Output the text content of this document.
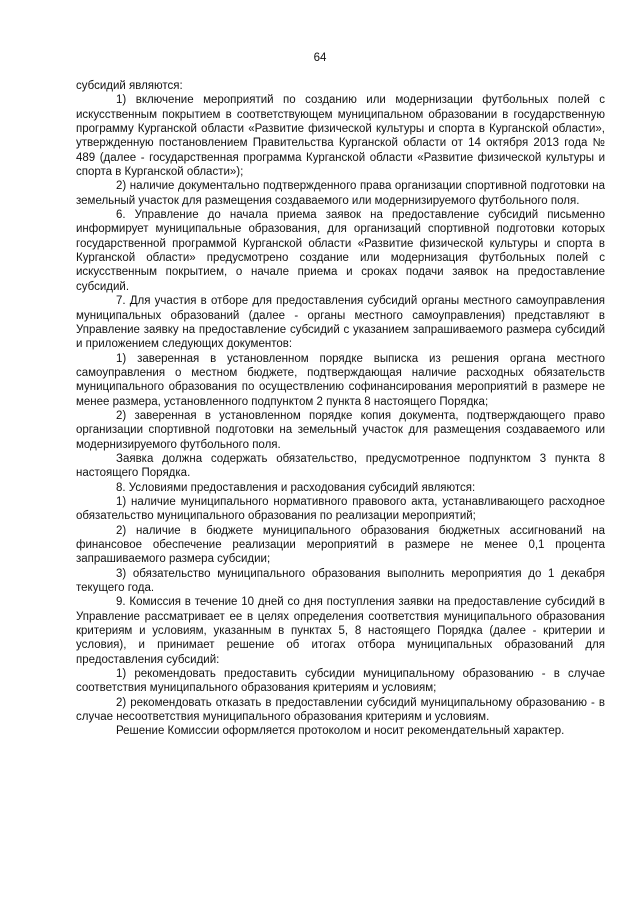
64

субсидий являются:

1) включение мероприятий по созданию или модернизации футбольных полей с искусственным покрытием в соответствующем муниципальном образовании в государственную программу Курганской области «Развитие физической культуры и спорта в Курганской области», утвержденную постановлением Правительства Курганской области от 14 октября 2013 года № 489 (далее - государственная программа Курганской области «Развитие физической культуры и спорта в Курганской области»);

2) наличие документально подтвержденного права организации спортивной подготовки на земельный участок для размещения создаваемого или модернизируемого футбольного поля.

6. Управление до начала приема заявок на предоставление субсидий письменно информирует муниципальные образования, для организаций спортивной подготовки которых государственной программой Курганской области «Развитие физической культуры и спорта в Курганской области» предусмотрено создание или модернизация футбольных полей с искусственным покрытием, о начале приема и сроках подачи заявок на предоставление субсидий.

7. Для участия в отборе для предоставления субсидий органы местного самоуправления муниципальных образований (далее - органы местного самоуправления) представляют в Управление заявку на предоставление субсидий с указанием запрашиваемого размера субсидий и приложением следующих документов:

1) заверенная в установленном порядке выписка из решения органа местного самоуправления о местном бюджете, подтверждающая наличие расходных обязательств муниципального образования по осуществлению софинансирования мероприятий в размере не менее размера, установленного подпунктом 2 пункта 8 настоящего Порядка;

2) заверенная в установленном порядке копия документа, подтверждающего право организации спортивной подготовки на земельный участок для размещения создаваемого или модернизируемого футбольного поля.

Заявка должна содержать обязательство, предусмотренное подпунктом 3 пункта 8 настоящего Порядка.

8. Условиями предоставления и расходования субсидий являются:

1) наличие муниципального нормативного правового акта, устанавливающего расходное обязательство муниципального образования по реализации мероприятий;

2) наличие в бюджете муниципального образования бюджетных ассигнований на финансовое обеспечение реализации мероприятий в размере не менее 0,1 процента запрашиваемого размера субсидии;

3) обязательство муниципального образования выполнить мероприятия до 1 декабря текущего года.

9. Комиссия в течение 10 дней со дня поступления заявки на предоставление субсидий в Управление рассматривает ее в целях определения соответствия муниципального образования критериям и условиям, указанным в пунктах 5, 8 настоящего Порядка (далее - критерии и условия), и принимает решение об итогах отбора муниципальных образований для предоставления субсидий:

1) рекомендовать предоставить субсидии муниципальному образованию - в случае соответствия муниципального образования критериям и условиям;

2) рекомендовать отказать в предоставлении субсидий муниципальному образованию - в случае несоответствия муниципального образования критериям и условиям.

Решение Комиссии оформляется протоколом и носит рекомендательный характер.
